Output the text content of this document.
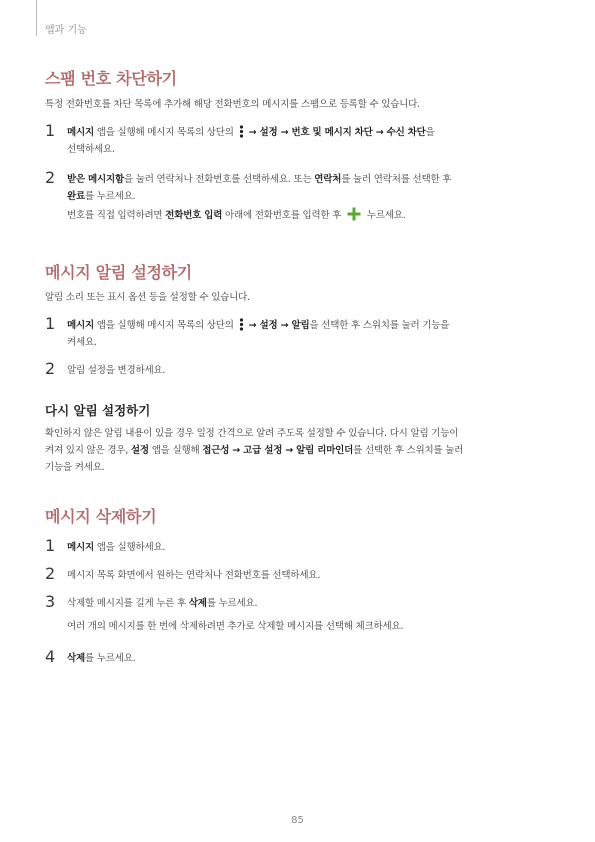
앱과 기능
스팸 번호 차단하기
특정 전화번호를 차단 목록에 추가해 해당 전화번호의 메시지를 스팸으로 등록할 수 있습니다.
1	메시지 앱을 실행해 메시지 목록의 상단의  → 설정 → 번호 및 메시지 차단 → 수신 차단을
선택하세요.
2	받은 메시지함을 눌러 연락처나 전화번호를 선택하세요. 또는 연락처를 눌러 연락처를 선택한 후
완료를 누르세요.
번호를 직접 입력하려면 전화번호 입력 아래에 전화번호를 입력한 후  누르세요.
메시지 알림 설정하기
알림 소리 또는 표시 옵션 등을 설정할 수 있습니다.
1	메시지 앱을 실행해 메시지 목록의 상단의  → 설정 → 알림을 선택한 후 스위치를 눌러 기능을
켜세요.
2	알림 설정을 변경하세요.
다시 알림 설정하기
확인하지 않은 알림 내용이 있을 경우 일정 간격으로 알려 주도록 설정할 수 있습니다. 다시 알림 기능이
켜져 있지 않은 경우, 설정 앱을 실행해 접근성 → 고급 설정 → 알림 리마인더를 선택한 후 스위치를 눌러
기능을 켜세요.
메시지 삭제하기
1	메시지 앱을 실행하세요.
2	메시지 목록 화면에서 원하는 연락처나 전화번호를 선택하세요.
3	삭제할 메시지를 길게 누른 후 삭제를 누르세요.
여러 개의 메시지를 한 번에 삭제하려면 추가로 삭제할 메시지를 선택해 체크하세요.
4	삭제를 누르세요.
85
